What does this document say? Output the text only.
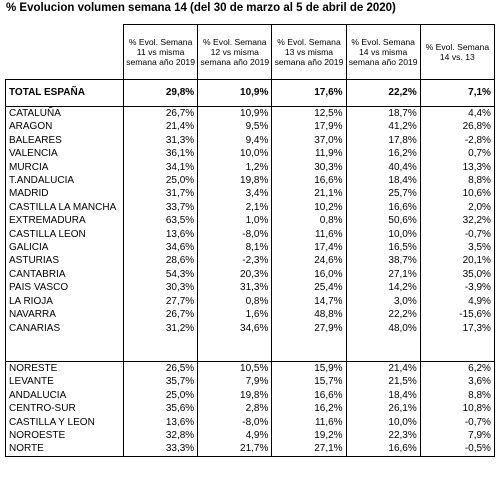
% Evolucion volumen semana 14 (del 30 de marzo al 5 de abril de 2020)
	% Evol. Semana 11 vs misma semana año 2019	% Evol. Semana 12 vs misma semana año 2019	% Evol. Semana 13 vs misma semana año 2019	% Evol. Semana 14 vs misma semana año 2019	% Evol. Semana 14 vs. 13
TOTAL ESPAÑA	29,8%	10,9%	17,6%	22,2%	7,1%
CATALUÑA	26,7%	10,9%	12,5%	18,7%	4,4%
ARAGON	21,4%	9,5%	17,9%	41,2%	26,8%
BALEARES	31,3%	9,4%	37,0%	17,8%	-2,8%
VALENCIA	36,1%	10,0%	11,9%	16,2%	0,7%
MURCIA	34,1%	1,2%	30,3%	40,4%	13,3%
T.ANDALUCIA	25,0%	19,8%	16,6%	18,4%	8,8%
MADRID	31,7%	3,4%	21,1%	25,7%	10,6%
CASTILLA LA MANCHA	33,7%	2,1%	10,2%	16,6%	2,0%
EXTREMADURA	63,5%	1,0%	0,8%	50,6%	32,2%
CASTILLA LEON	13,6%	-8,0%	11,6%	10,0%	-0,7%
GALICIA	34,6%	8,1%	17,4%	16,5%	3,5%
ASTURIAS	28,6%	-2,3%	24,6%	38,7%	20,1%
CANTABRIA	54,3%	20,3%	16,0%	27,1%	35,0%
PAIS VASCO	30,3%	31,3%	25,4%	14,2%	-3,9%
LA RIOJA	27,7%	0,8%	14,7%	3,0%	4,9%
NAVARRA	26,7%	1,6%	48,8%	22,2%	-15,6%
CANARIAS	31,2%	34,6%	27,9%	48,0%	17,3%

NORESTE	26,5%	10,5%	15,9%	21,4%	6,2%
LEVANTE	35,7%	7,9%	15,7%	21,5%	3,6%
ANDALUCIA	25,0%	19,8%	16,6%	18,4%	8,8%
CENTRO-SUR	35,6%	2,8%	16,2%	26,1%	10,8%
CASTILLA Y LEON	13,6%	-8,0%	11,6%	10,0%	-0,7%
NOROESTE	32,8%	4,9%	19,2%	22,3%	7,9%
NORTE	33,3%	21,7%	27,1%	16,6%	-0,5%
